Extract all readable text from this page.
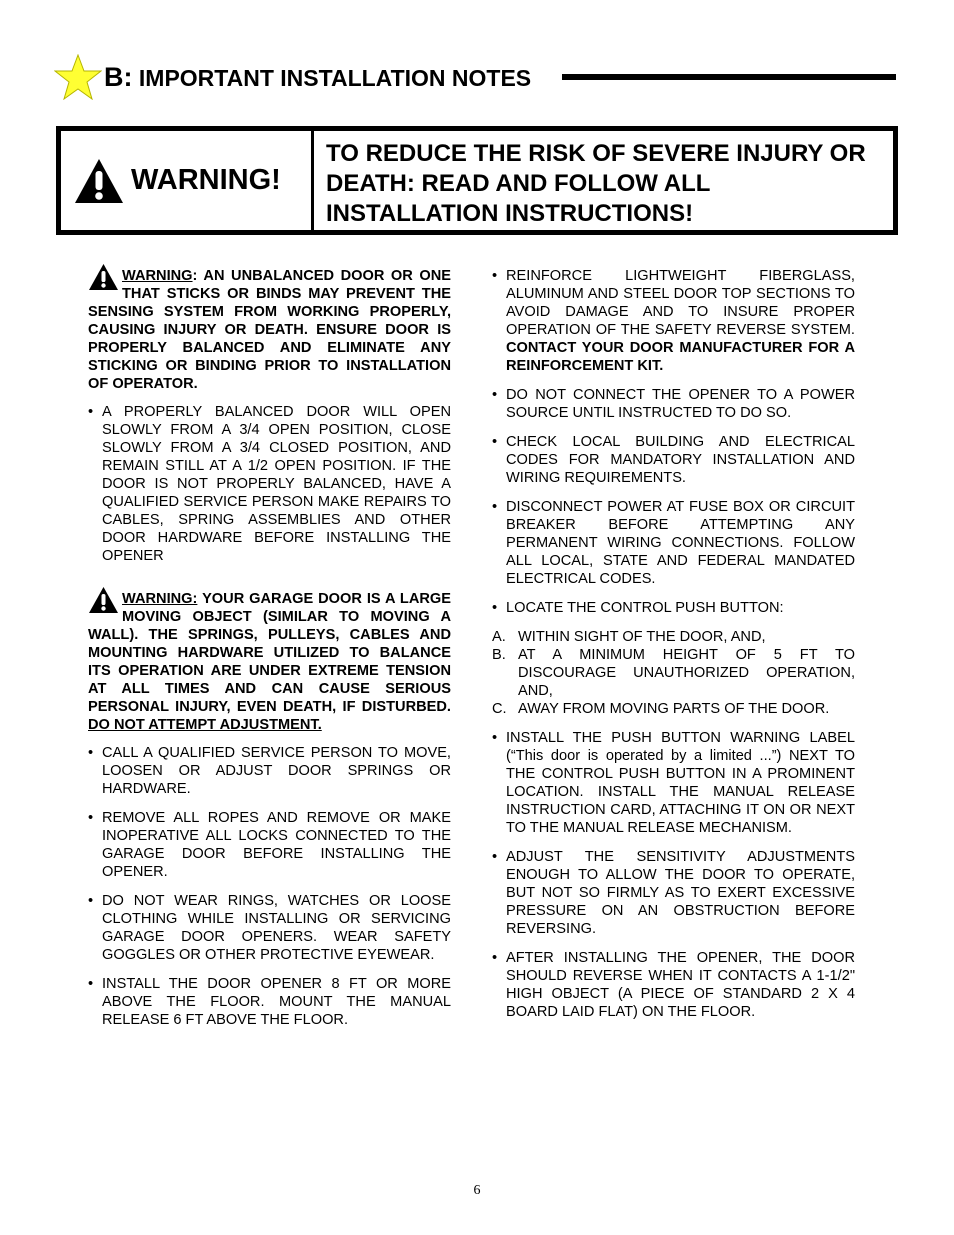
B: IMPORTANT INSTALLATION NOTES
WARNING!
TO REDUCE THE RISK OF SEVERE INJURY OR DEATH: READ AND FOLLOW ALL INSTALLATION INSTRUCTIONS!
WARNING: AN UNBALANCED DOOR OR ONE THAT STICKS OR BINDS MAY PREVENT THE SENSING SYSTEM FROM WORKING PROPERLY, CAUSING INJURY OR DEATH. ENSURE DOOR IS PROPERLY BALANCED AND ELIMINATE ANY STICKING OR BINDING PRIOR TO INSTALLATION OF OPERATOR.
• A PROPERLY BALANCED DOOR WILL OPEN SLOWLY FROM A 3/4 OPEN POSITION, CLOSE SLOWLY FROM A 3/4 CLOSED POSITION, AND REMAIN STILL AT A 1/2 OPEN POSITION. IF THE DOOR IS NOT PROPERLY BALANCED, HAVE A QUALIFIED SERVICE PERSON MAKE REPAIRS TO CABLES, SPRING ASSEMBLIES AND OTHER DOOR HARDWARE BEFORE INSTALLING THE OPENER
WARNING: YOUR GARAGE DOOR IS A LARGE MOVING OBJECT (SIMILAR TO MOVING A WALL). THE SPRINGS, PULLEYS, CABLES AND MOUNTING HARDWARE UTILIZED TO BALANCE ITS OPERATION ARE UNDER EXTREME TENSION AT ALL TIMES AND CAN CAUSE SERIOUS PERSONAL INJURY, EVEN DEATH, IF DISTURBED. DO NOT ATTEMPT ADJUSTMENT.
• CALL A QUALIFIED SERVICE PERSON TO MOVE, LOOSEN OR ADJUST DOOR SPRINGS OR HARDWARE.
• REMOVE ALL ROPES AND REMOVE OR MAKE INOPERATIVE ALL LOCKS CONNECTED TO THE GARAGE DOOR BEFORE INSTALLING THE OPENER.
• DO NOT WEAR RINGS, WATCHES OR LOOSE CLOTHING WHILE INSTALLING OR SERVICING GARAGE DOOR OPENERS. WEAR SAFETY GOGGLES OR OTHER PROTECTIVE EYEWEAR.
• INSTALL THE DOOR OPENER 8 FT OR MORE ABOVE THE FLOOR. MOUNT THE MANUAL RELEASE 6 FT ABOVE THE FLOOR.
• REINFORCE LIGHTWEIGHT FIBERGLASS, ALUMINUM AND STEEL DOOR TOP SECTIONS TO AVOID DAMAGE AND TO INSURE PROPER OPERATION OF THE SAFETY REVERSE SYSTEM. CONTACT YOUR DOOR MANUFACTURER FOR A REINFORCEMENT KIT.
• DO NOT CONNECT THE OPENER TO A POWER SOURCE UNTIL INSTRUCTED TO DO SO.
• CHECK LOCAL BUILDING AND ELECTRICAL CODES FOR MANDATORY INSTALLATION AND WIRING REQUIREMENTS.
• DISCONNECT POWER AT FUSE BOX OR CIRCUIT BREAKER BEFORE ATTEMPTING ANY PERMANENT WIRING CONNECTIONS. FOLLOW ALL LOCAL, STATE AND FEDERAL MANDATED ELECTRICAL CODES.
• LOCATE THE CONTROL PUSH BUTTON:
A. WITHIN SIGHT OF THE DOOR, AND,
B. AT A MINIMUM HEIGHT OF 5 FT TO DISCOURAGE UNAUTHORIZED OPERATION, AND,
C. AWAY FROM MOVING PARTS OF THE DOOR.
• INSTALL THE PUSH BUTTON WARNING LABEL (“This door is operated by a limited ...”) NEXT TO THE CONTROL PUSH BUTTON IN A PROMINENT LOCATION. INSTALL THE MANUAL RELEASE INSTRUCTION CARD, ATTACHING IT ON OR NEXT TO THE MANUAL RELEASE MECHANISM.
• ADJUST THE SENSITIVITY ADJUSTMENTS ENOUGH TO ALLOW THE DOOR TO OPERATE, BUT NOT SO FIRMLY AS TO EXERT EXCESSIVE PRESSURE ON AN OBSTRUCTION BEFORE REVERSING.
• AFTER INSTALLING THE OPENER, THE DOOR SHOULD REVERSE WHEN IT CONTACTS A 1-1/2" HIGH OBJECT (A PIECE OF STANDARD 2 X 4 BOARD LAID FLAT) ON THE FLOOR.
6
